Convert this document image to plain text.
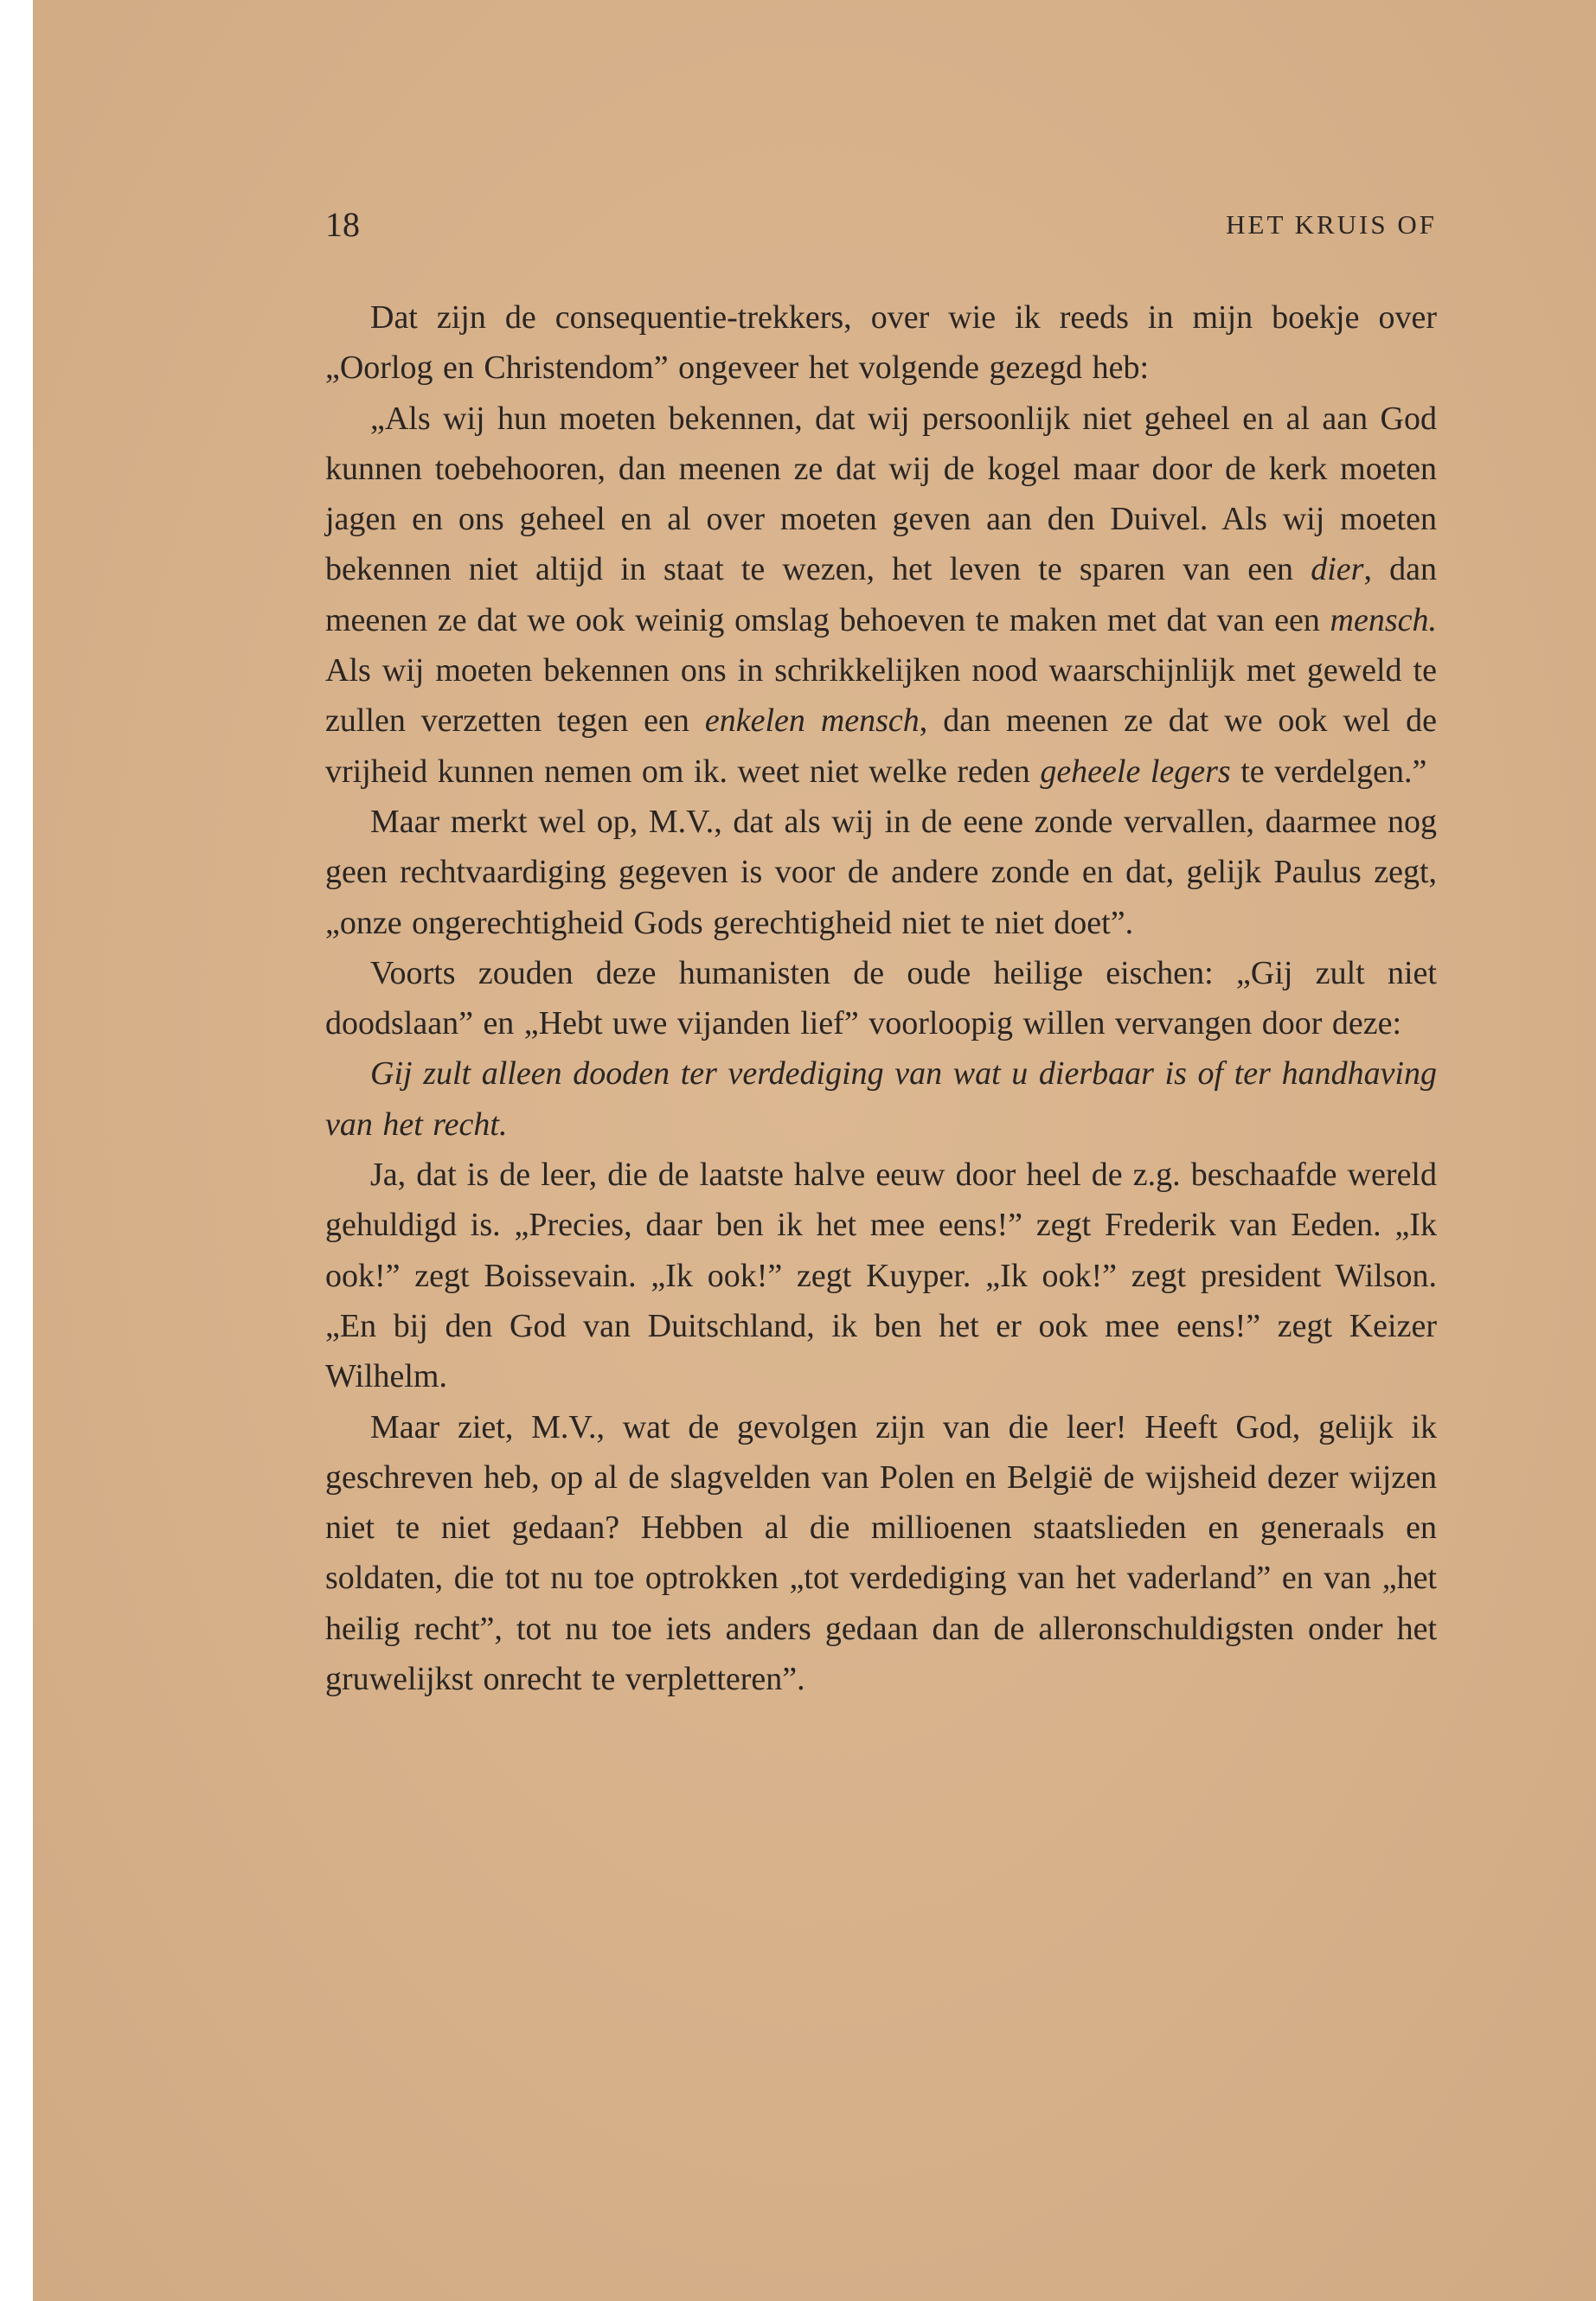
18	HET KRUIS OF

Dat zijn de consequentie-trekkers, over wie ik reeds in mijn boekje over „Oorlog en Christendom” ongeveer het volgende gezegd heb:

„Als wij hun moeten bekennen, dat wij persoonlijk niet geheel en al aan God kunnen toebehooren, dan meenen ze dat wij de kogel maar door de kerk moeten jagen en ons geheel en al over moeten geven aan den Duivel. Als wij moeten bekennen niet altijd in staat te wezen, het leven te sparen van een dier, dan meenen ze dat we ook weinig omslag behoeven te maken met dat van een mensch. Als wij moeten bekennen ons in schrikkelijken nood waarschijnlijk met geweld te zullen verzetten tegen een enkelen mensch, dan meenen ze dat we ook wel de vrijheid kunnen nemen om ik. weet niet welke reden geheele legers te verdelgen.”

Maar merkt wel op, M.V., dat als wij in de eene zonde vervallen, daarmee nog geen rechtvaardiging gegeven is voor de andere zonde en dat, gelijk Paulus zegt, „onze ongerechtigheid Gods gerechtigheid niet te niet doet”.

Voorts zouden deze humanisten de oude heilige eischen: „Gij zult niet doodslaan” en „Hebt uwe vijanden lief” voorloopig willen vervangen door deze:

Gij zult alleen dooden ter verdediging van wat u dierbaar is of ter handhaving van het recht.

Ja, dat is de leer, die de laatste halve eeuw door heel de z.g. beschaafde wereld gehuldigd is. „Precies, daar ben ik het mee eens!” zegt Frederik van Eeden. „Ik ook!” zegt Boissevain. „Ik ook!” zegt Kuyper. „Ik ook!” zegt president Wilson. „En bij den God van Duitschland, ik ben het er ook mee eens!” zegt Keizer Wilhelm.

Maar ziet, M.V., wat de gevolgen zijn van die leer! Heeft God, gelijk ik geschreven heb, op al de slagvelden van Polen en België de wijsheid dezer wijzen niet te niet gedaan? Hebben al die millioenen staatslieden en generaals en soldaten, die tot nu toe optrokken „tot verdediging van het vaderland” en van „het heilig recht”, tot nu toe iets anders gedaan dan de alleronschuldigsten onder het gruwelijkst onrecht te verpletteren”.
